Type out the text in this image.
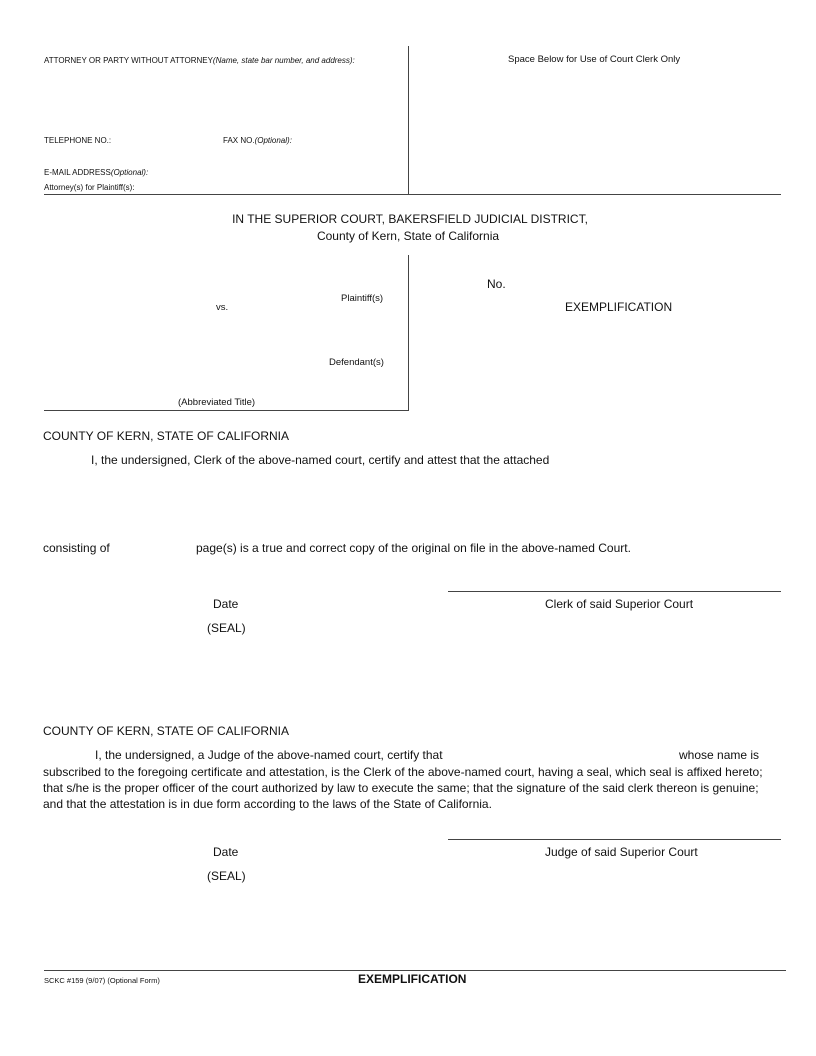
ATTORNEY OR PARTY WITHOUT ATTORNEY(Name, state bar number, and address):	Space Below for Use of Court Clerk Only
TELEPHONE NO.:	FAX NO.(Optional):
E-MAIL ADDRESS(Optional):
Attorney(s) for Plaintiff(s):
IN THE SUPERIOR COURT, BAKERSFIELD JUDICIAL DISTRICT,
County of Kern, State of California
Plaintiff(s)
vs.
Defendant(s)
(Abbreviated Title)
No.
EXEMPLIFICATION
COUNTY OF KERN, STATE OF CALIFORNIA
I, the undersigned, Clerk of the above-named court, certify and attest that the attached
consisting of	page(s) is a true and correct copy of the original on file in the above-named Court.
Date	Clerk of said Superior Court
(SEAL)
COUNTY OF KERN, STATE OF CALIFORNIA
I, the undersigned, a Judge of the above-named court, certify that	whose name is
subscribed to the foregoing certificate and attestation, is the Clerk of the above-named court, having a seal, which seal is affixed hereto;
that s/he is the proper officer of the court authorized by law to execute the same; that the signature of the said clerk thereon is genuine;
and that the attestation is in due form according to the laws of the State of California.
Date	Judge of said Superior Court
(SEAL)
SCKC #159 (9/07) (Optional Form)	EXEMPLIFICATION
